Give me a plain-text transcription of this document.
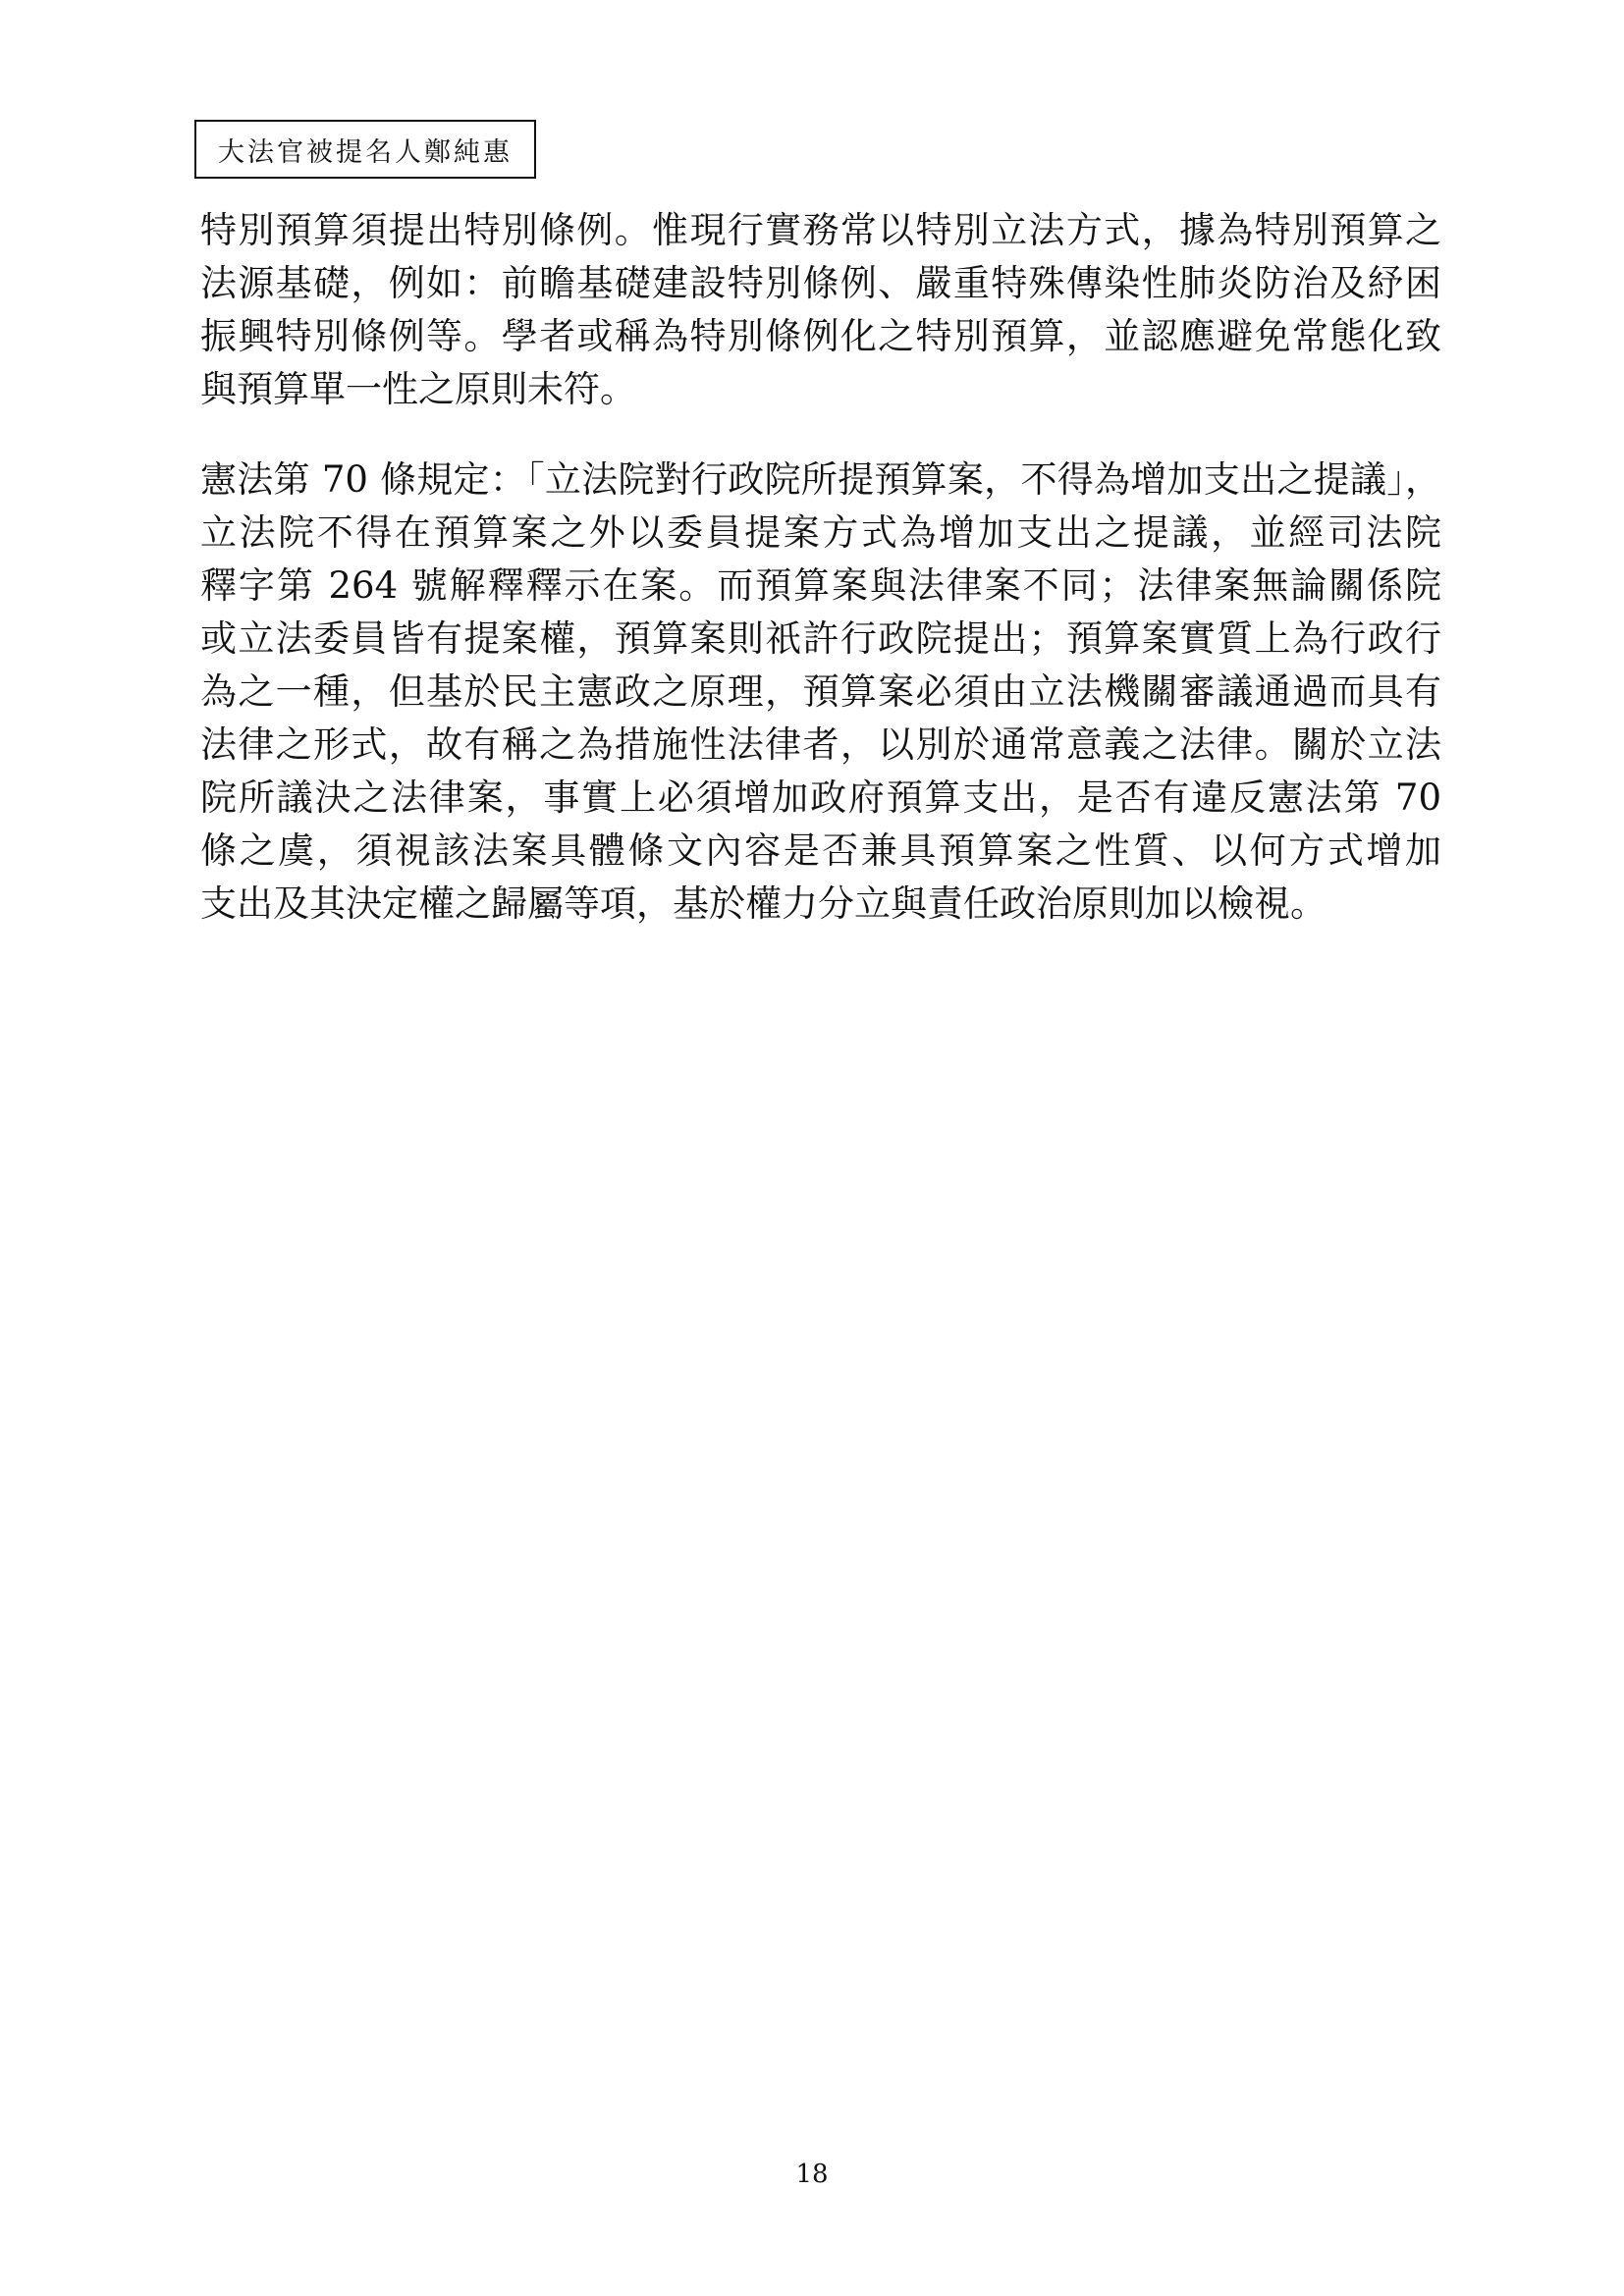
大法官被提名人鄭純惠

特別預算須提出特別條例。惟現行實務常以特別立法方式，據為特別預算之
法源基礎，例如：前瞻基礎建設特別條例、嚴重特殊傳染性肺炎防治及紓困
振興特別條例等。學者或稱為特別條例化之特別預算，並認應避免常態化致
與預算單一性之原則未符。

憲法第 70 條規定：「立法院對行政院所提預算案，不得為增加支出之提議」，
立法院不得在預算案之外以委員提案方式為增加支出之提議，並經司法院
釋字第 264 號解釋釋示在案。而預算案與法律案不同；法律案無論關係院
或立法委員皆有提案權，預算案則祇許行政院提出；預算案實質上為行政行
為之一種，但基於民主憲政之原理，預算案必須由立法機關審議通過而具有
法律之形式，故有稱之為措施性法律者，以別於通常意義之法律。關於立法
院所議決之法律案，事實上必須增加政府預算支出，是否有違反憲法第 70
條之虞，須視該法案具體條文內容是否兼具預算案之性質、以何方式增加
支出及其決定權之歸屬等項，基於權力分立與責任政治原則加以檢視。

18
